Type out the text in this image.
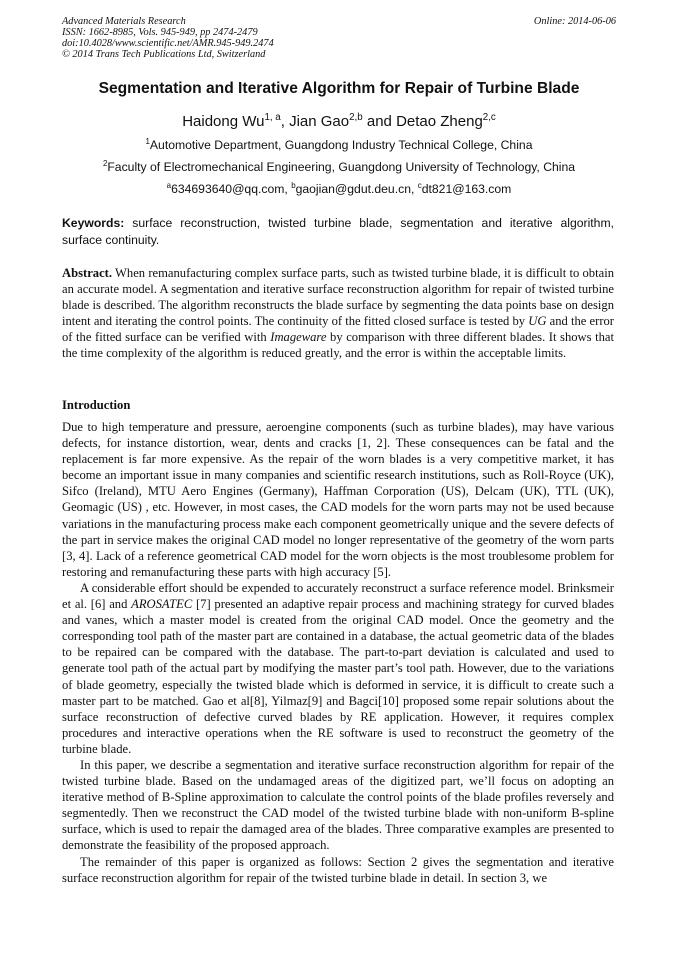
Advanced Materials Research
ISSN: 1662-8985, Vols. 945-949, pp 2474-2479
doi:10.4028/www.scientific.net/AMR.945-949.2474
© 2014 Trans Tech Publications Ltd, Switzerland
Online: 2014-06-06
Segmentation and Iterative Algorithm for Repair of Turbine Blade
Haidong Wu$^{1, a}$, Jian Gao$^{2,b}$ and Detao Zheng$^{2,c}$
$^1$Automotive Department, Guangdong Industry Technical College, China
$^2$Faculty of Electromechanical Engineering, Guangdong University of Technology, China
$^a$634693640@qq.com, $^b$gaojian@gdut.deu.cn, $^c$dt821@163.com
Keywords: surface reconstruction, twisted turbine blade, segmentation and iterative algorithm, surface continuity.
Abstract. When remanufacturing complex surface parts, such as twisted turbine blade, it is difficult to obtain an accurate model. A segmentation and iterative surface reconstruction algorithm for repair of twisted turbine blade is described. The algorithm reconstructs the blade surface by segmenting the data points base on design intent and iterating the control points. The continuity of the fitted closed surface is tested by UG and the error of the fitted surface can be verified with Imageware by comparison with three different blades. It shows that the time complexity of the algorithm is reduced greatly, and the error is within the acceptable limits.
Introduction

Due to high temperature and pressure, aeroengine components (such as turbine blades), may have various defects, for instance distortion, wear, dents and cracks [1, 2]. These consequences can be fatal and the replacement is far more expensive. As the repair of the worn blades is a very competitive market, it has become an important issue in many companies and scientific research institutions, such as Roll-Royce (UK), Sifco (Ireland), MTU Aero Engines (Germany), Haffman Corporation (US), Delcam (UK), TTL (UK), Geomagic (US) , etc. However, in most cases, the CAD models for the worn parts may not be used because variations in the manufacturing process make each component geometrically unique and the severe defects of the part in service makes the original CAD model no longer representative of the geometry of the worn parts [3, 4]. Lack of a reference geometrical CAD model for the worn objects is the most troublesome problem for restoring and remanufacturing these parts with high accuracy [5].

A considerable effort should be expended to accurately reconstruct a surface reference model. Brinksmeir et al. [6] and AROSATEC [7] presented an adaptive repair process and machining strategy for curved blades and vanes, which a master model is created from the original CAD model. Once the geometry and the corresponding tool path of the master part are contained in a database, the actual geometric data of the blades to be repaired can be compared with the database. The part-to-part deviation is calculated and used to generate tool path of the actual part by modifying the master part’s tool path. However, due to the variations of blade geometry, especially the twisted blade which is deformed in service, it is difficult to create such a master part to be matched. Gao et al[8], Yilmaz[9] and Bagci[10] proposed some repair solutions about the surface reconstruction of defective curved blades by RE application. However, it requires complex procedures and interactive operations when the RE software is used to reconstruct the geometry of the turbine blade.

In this paper, we describe a segmentation and iterative surface reconstruction algorithm for repair of the twisted turbine blade. Based on the undamaged areas of the digitized part, we’ll focus on adopting an iterative method of B-Spline approximation to calculate the control points of the blade profiles reversely and segmentedly. Then we reconstruct the CAD model of the twisted turbine blade with non-uniform B-spline surface, which is used to repair the damaged area of the blades. Three comparative examples are presented to demonstrate the feasibility of the proposed approach.

The remainder of this paper is organized as follows: Section 2 gives the segmentation and iterative surface reconstruction algorithm for repair of the twisted turbine blade in detail. In section 3, we
